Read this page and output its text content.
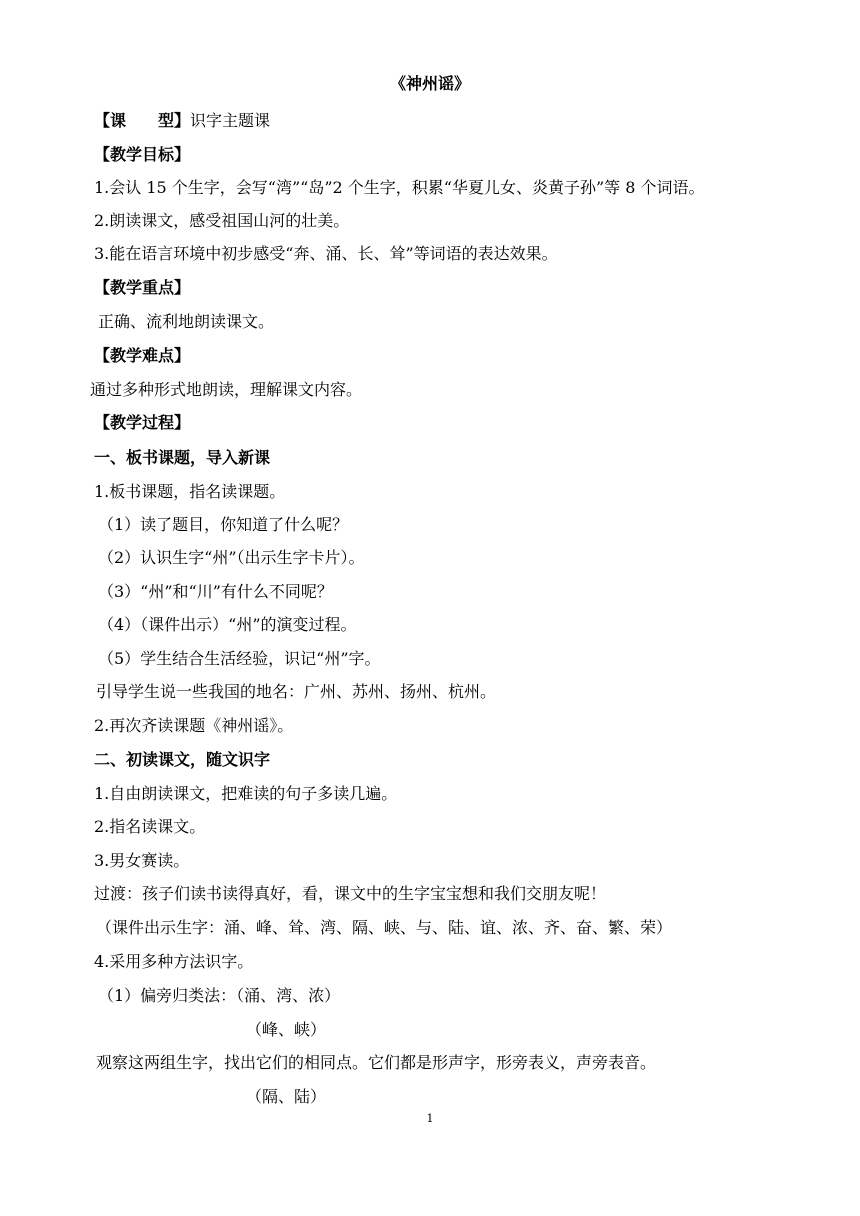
《神州谣》
【课　　型】识字主题课
【教学目标】
1.会认 15 个生字，会写“湾”“岛”2 个生字，积累“华夏儿女、炎黄子孙”等 8 个词语。
2.朗读课文，感受祖国山河的壮美。
3.能在语言环境中初步感受“奔、涌、长、耸”等词语的表达效果。
【教学重点】
正确、流利地朗读课文。
【教学难点】
通过多种形式地朗读，理解课文内容。
【教学过程】
一、板书课题，导入新课
1.板书课题，指名读课题。
（1）读了题目，你知道了什么呢？
（2）认识生字“州”（出示生字卡片）。
（3）“州”和“川”有什么不同呢？
（4）（课件出示）“州”的演变过程。
（5）学生结合生活经验，识记“州”字。
引导学生说一些我国的地名：广州、苏州、扬州、杭州。
2.再次齐读课题《神州谣》。
二、初读课文，随文识字
1.自由朗读课文，把难读的句子多读几遍。
2.指名读课文。
3.男女赛读。
过渡：孩子们读书读得真好，看，课文中的生字宝宝想和我们交朋友呢！
（课件出示生字：涌、峰、耸、湾、隔、峡、与、陆、谊、浓、齐、奋、繁、荣）
4.采用多种方法识字。
（1）偏旁归类法：（涌、湾、浓）
（峰、峡）
观察这两组生字，找出它们的相同点。它们都是形声字，形旁表义，声旁表音。
（隔、陆）
1
